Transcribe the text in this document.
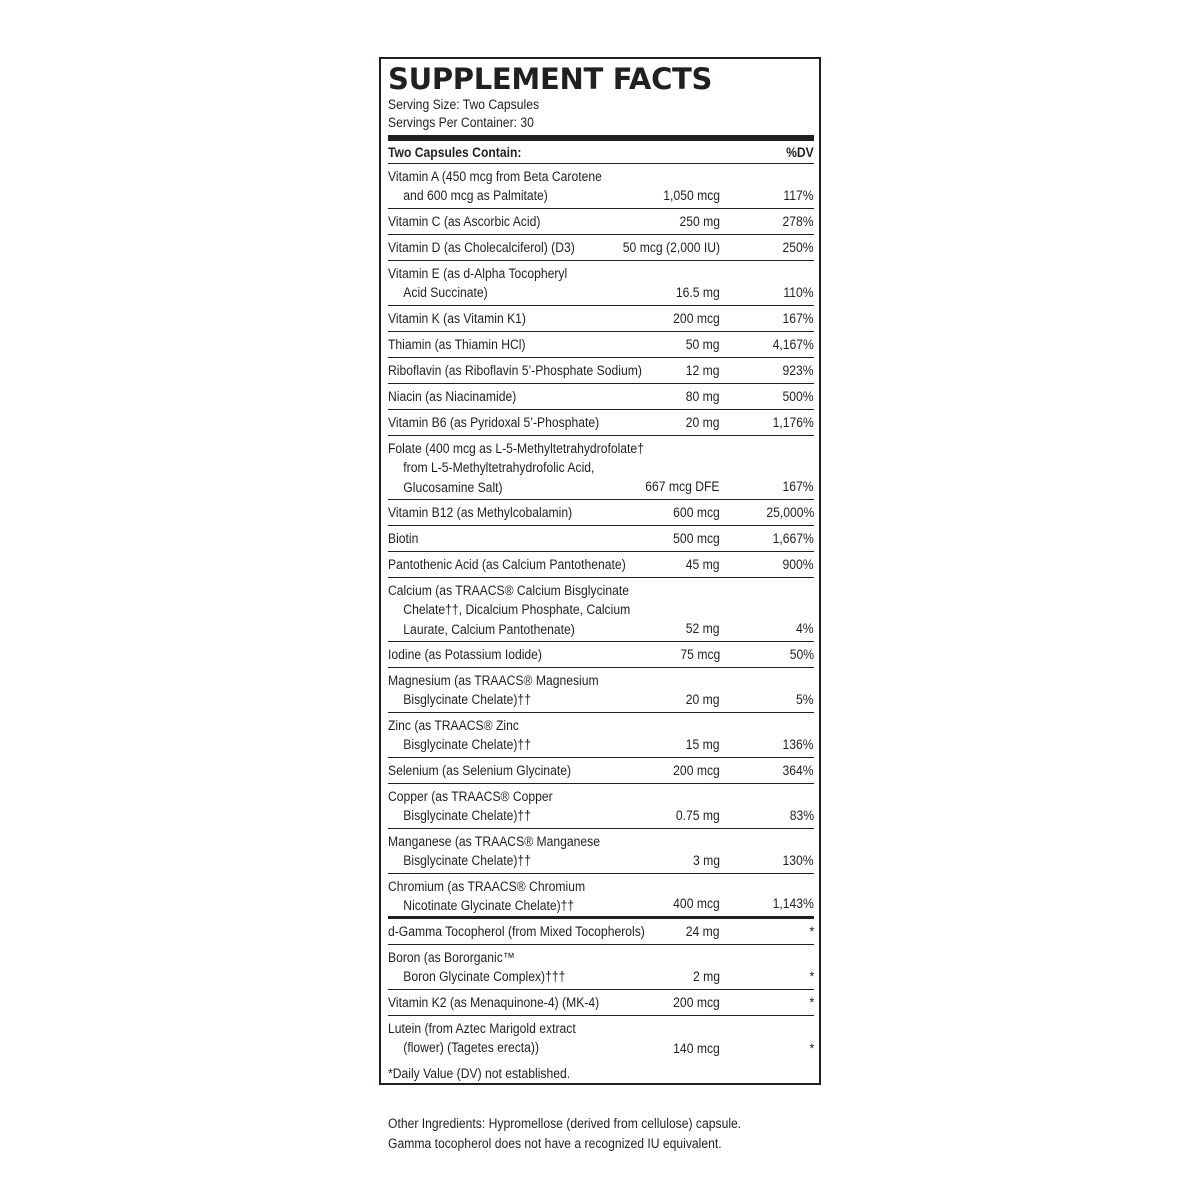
SUPPLEMENT FACTS
Serving Size: Two Capsules
Servings Per Container: 30
Two Capsules Contain:	%DV
Vitamin A (450 mcg from Beta Carotene
and 600 mcg as Palmitate)	1,050 mcg	117%
Vitamin C (as Ascorbic Acid)	250 mg	278%
Vitamin D (as Cholecalciferol) (D3)	50 mcg (2,000 IU)	250%
Vitamin E (as d-Alpha Tocopheryl
Acid Succinate)	16.5 mg	110%
Vitamin K (as Vitamin K1)	200 mcg	167%
Thiamin (as Thiamin HCl)	50 mg	4,167%
Riboflavin (as Riboflavin 5’-Phosphate Sodium)	12 mg	923%
Niacin (as Niacinamide)	80 mg	500%
Vitamin B6 (as Pyridoxal 5’-Phosphate)	20 mg	1,176%
Folate (400 mcg as L-5-Methyltetrahydrofolate†
from L-5-Methyltetrahydrofolic Acid,
Glucosamine Salt)	667 mcg DFE	167%
Vitamin B12 (as Methylcobalamin)	600 mcg	25,000%
Biotin	500 mcg	1,667%
Pantothenic Acid (as Calcium Pantothenate)	45 mg	900%
Calcium (as TRAACS® Calcium Bisglycinate
Chelate††, Dicalcium Phosphate, Calcium
Laurate, Calcium Pantothenate)	52 mg	4%
Iodine (as Potassium Iodide)	75 mcg	50%
Magnesium (as TRAACS® Magnesium
Bisglycinate Chelate)††	20 mg	5%
Zinc (as TRAACS® Zinc
Bisglycinate Chelate)††	15 mg	136%
Selenium (as Selenium Glycinate)	200 mcg	364%
Copper (as TRAACS® Copper
Bisglycinate Chelate)††	0.75 mg	83%
Manganese (as TRAACS® Manganese
Bisglycinate Chelate)††	3 mg	130%
Chromium (as TRAACS® Chromium
Nicotinate Glycinate Chelate)††	400 mcg	1,143%
d-Gamma Tocopherol (from Mixed Tocopherols)	24 mg	*
Boron (as Bororganic™
Boron Glycinate Complex)†††	2 mg	*
Vitamin K2 (as Menaquinone-4) (MK-4)	200 mcg	*
Lutein (from Aztec Marigold extract
(flower) (Tagetes erecta))	140 mcg	*
*Daily Value (DV) not established.
Other Ingredients: Hypromellose (derived from cellulose) capsule.
Gamma tocopherol does not have a recognized IU equivalent.
